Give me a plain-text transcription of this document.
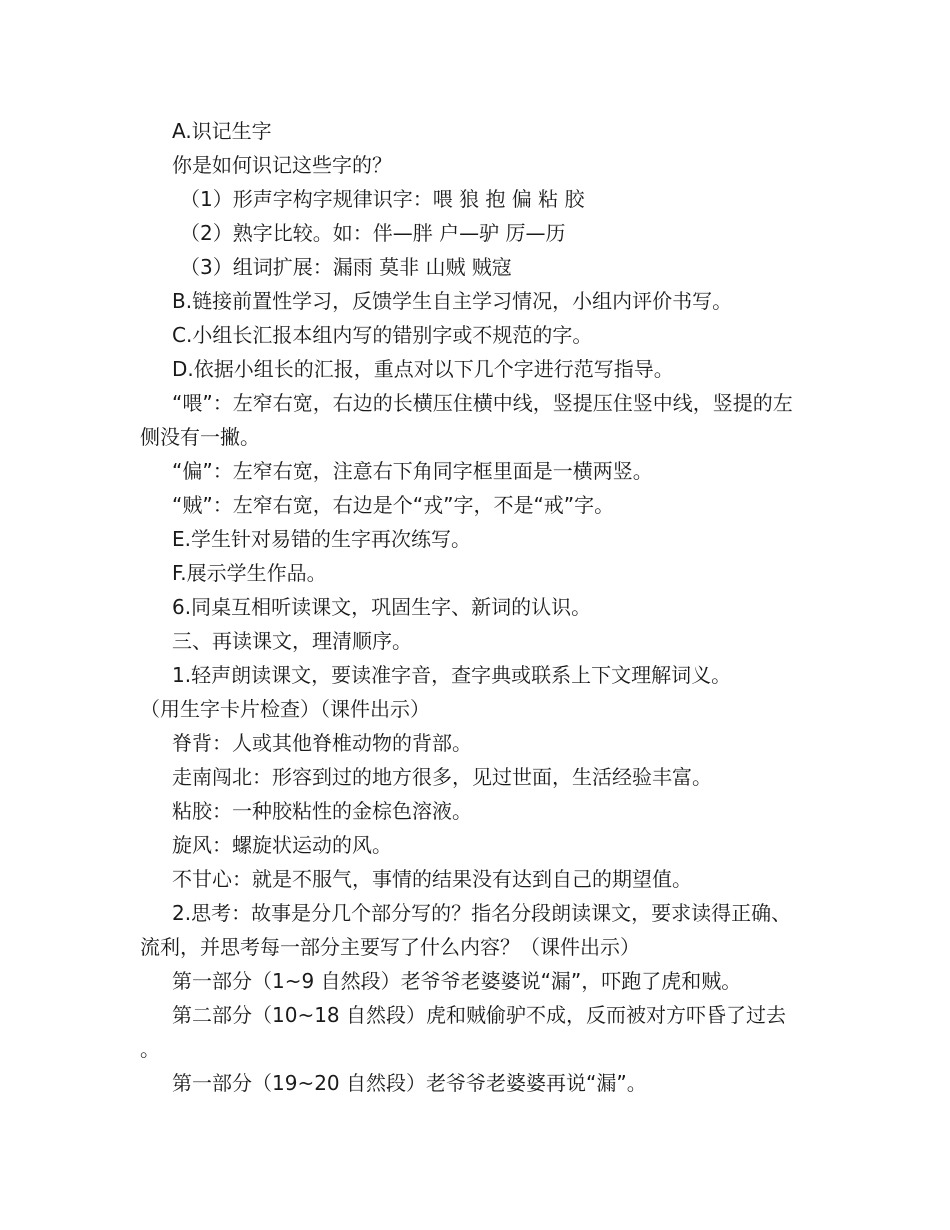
A.识记生字

你是如何识记这些字的？

（1）形声字构字规律识字：喂 狼 抱 偏 粘 胶

（2）熟字比较。如：伴—胖 户—驴 厉—历

（3）组词扩展：漏雨 莫非 山贼 贼寇

B.链接前置性学习，反馈学生自主学习情况，小组内评价书写。

C.小组长汇报本组内写的错别字或不规范的字。

D.依据小组长的汇报，重点对以下几个字进行范写指导。

“喂”：左窄右宽，右边的长横压住横中线，竖提压住竖中线，竖提的左侧没有一撇。

“偏”：左窄右宽，注意右下角同字框里面是一横两竖。

“贼”：左窄右宽，右边是个“戎”字，不是“戒”字。

E.学生针对易错的生字再次练写。

F.展示学生作品。

6.同桌互相听读课文，巩固生字、新词的认识。

三、再读课文，理清顺序。

1.轻声朗读课文，要读准字音，查字典或联系上下文理解词义。

（用生字卡片检查）（课件出示）

脊背：人或其他脊椎动物的背部。

走南闯北：形容到过的地方很多，见过世面，生活经验丰富。

粘胶：一种胶粘性的金棕色溶液。

旋风：螺旋状运动的风。

不甘心：就是不服气，事情的结果没有达到自己的期望值。

2.思考：故事是分几个部分写的？指名分段朗读课文，要求读得正确、流利，并思考每一部分主要写了什么内容？（课件出示）

第一部分（1~9 自然段）老爷爷老婆婆说“漏”，吓跑了虎和贼。

第二部分（10~18 自然段）虎和贼偷驴不成，反而被对方吓昏了过去。

第一部分（19~20 自然段）老爷爷老婆婆再说“漏”。
